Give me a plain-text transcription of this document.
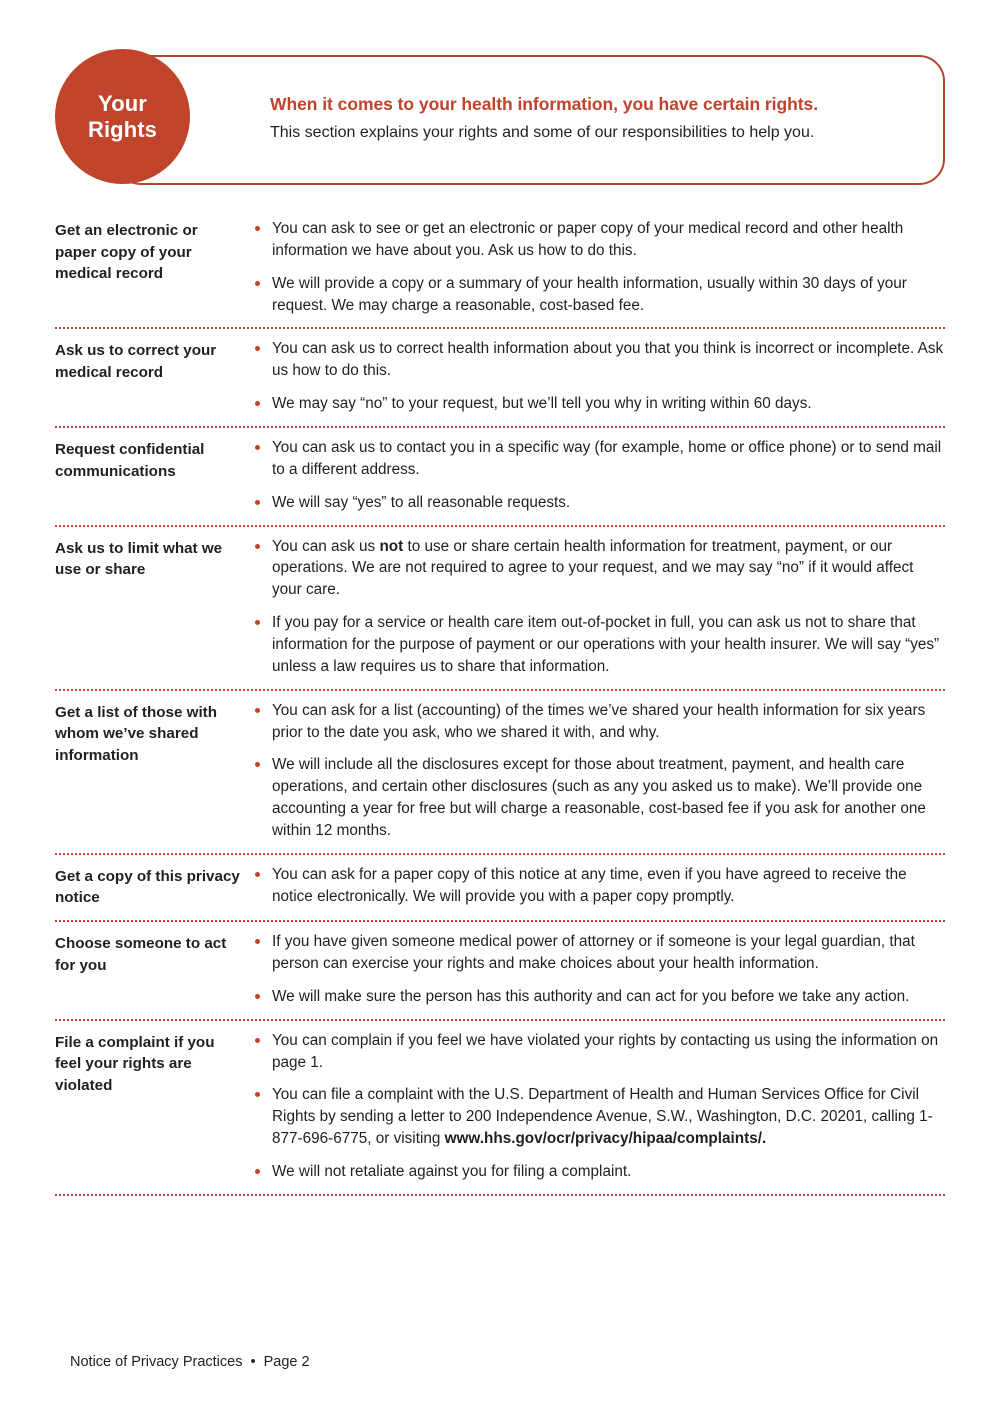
Your
Rights

When it comes to your health information, you have certain rights.

This section explains your rights and some of our responsibilities to help you.

Get an electronic or paper copy of your medical record
You can ask to see or get an electronic or paper copy of your medical record and other health information we have about you. Ask us how to do this.
We will provide a copy or a summary of your health information, usually within 30 days of your request. We may charge a reasonable, cost-based fee.
Ask us to correct your medical record
You can ask us to correct health information about you that you think is incorrect or incomplete. Ask us how to do this.
We may say “no” to your request, but we’ll tell you why in writing within 60 days.
Request confidential communications
You can ask us to contact you in a specific way (for example, home or office phone) or to send mail to a different address.
We will say “yes” to all reasonable requests.
Ask us to limit what we use or share
You can ask us not to use or share certain health information for treatment, payment, or our operations. We are not required to agree to your request, and we may say “no” if it would affect your care.
If you pay for a service or health care item out-of-pocket in full, you can ask us not to share that information for the purpose of payment or our operations with your health insurer. We will say “yes” unless a law requires us to share that information.
Get a list of those with whom we’ve shared information
You can ask for a list (accounting) of the times we’ve shared your health information for six years prior to the date you ask, who we shared it with, and why.
We will include all the disclosures except for those about treatment, payment, and health care operations, and certain other disclosures (such as any you asked us to make). We’ll provide one accounting a year for free but will charge a reasonable, cost-based fee if you ask for another one within 12 months.
Get a copy of this privacy notice
You can ask for a paper copy of this notice at any time, even if you have agreed to receive the notice electronically. We will provide you with a paper copy promptly.
Choose someone to act for you
If you have given someone medical power of attorney or if someone is your legal guardian, that person can exercise your rights and make choices about your health information.
We will make sure the person has this authority and can act for you before we take any action.
File a complaint if you feel your rights are violated
You can complain if you feel we have violated your rights by contacting us using the information on page 1.
You can file a complaint with the U.S. Department of Health and Human Services Office for Civil Rights by sending a letter to 200 Independence Avenue, S.W., Washington, D.C. 20201, calling 1-877-696-6775, or visiting www.hhs.gov/ocr/privacy/hipaa/complaints/.
We will not retaliate against you for filing a complaint.
Notice of Privacy Practices • Page 2
